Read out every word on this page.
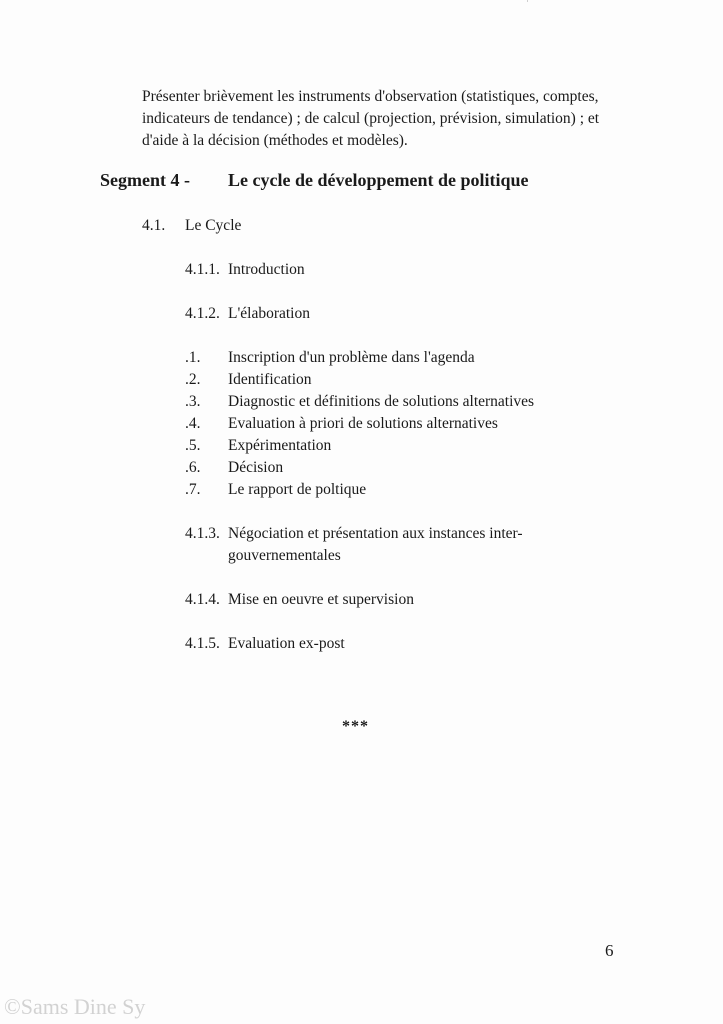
Présenter brièvement les instruments d'observation (statistiques, comptes, indicateurs de tendance) ; de calcul (projection, prévision, simulation) ; et d'aide à la décision (méthodes et modèles).

Segment 4 - Le cycle de développement de politique
4.1. Le Cycle
4.1.1. Introduction
4.1.2. L'élaboration
.1. Inscription d'un problème dans l'agenda
.2. Identification
.3. Diagnostic et définitions de solutions alternatives
.4. Evaluation à priori de solutions alternatives
.5. Expérimentation
.6. Décision
.7. Le rapport de poltique
4.1.3. Négociation et présentation aux instances inter-
gouvernementales
4.1.4. Mise en oeuvre et supervision
4.1.5. Evaluation ex-post
***
6
©Sams Dine Sy
